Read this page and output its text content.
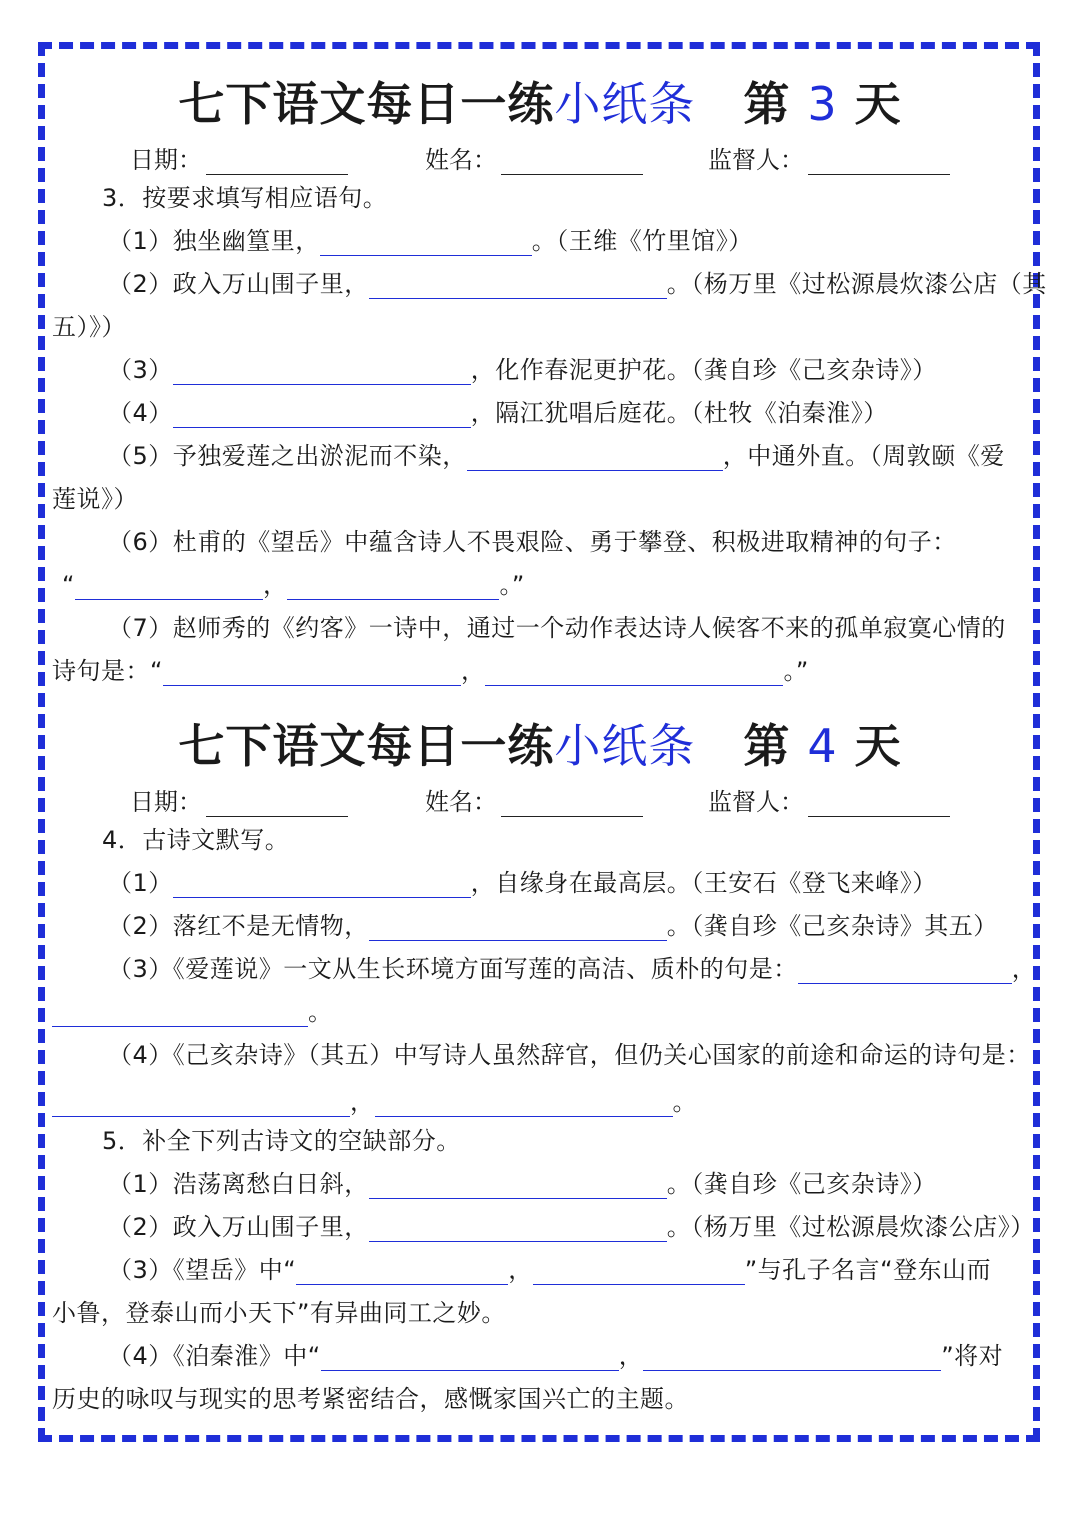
七下语文每日一练小纸条 第 3 天
日期：	姓名：	监督人：
3．按要求填写相应语句。
（1）独坐幽篁里，	。（王维《竹里馆》）
（2）政入万山围子里，	。（杨万里《过松源晨炊漆公店（其
五）》）
（3）	，化作春泥更护花。（龚自珍《己亥杂诗》）
（4）	，隔江犹唱后庭花。（杜牧《泊秦淮》）
（5）予独爱莲之出淤泥而不染，	，中通外直。（周敦颐《爱
莲说》）
（6）杜甫的《望岳》中蕴含诗人不畏艰险、勇于攀登、积极进取精神的句子：
“	，	。”
（7）赵师秀的《约客》一诗中，通过一个动作表达诗人候客不来的孤单寂寞心情的
诗句是：“	，	。”
七下语文每日一练小纸条 第 4 天
日期：	姓名：	监督人：
4．古诗文默写。
（1）	，自缘身在最高层。（王安石《登飞来峰》）
（2）落红不是无情物，	。（龚自珍《己亥杂诗》其五）
（3）《爱莲说》一文从生长环境方面写莲的高洁、质朴的句是：	，
。
（4）《己亥杂诗》（其五）中写诗人虽然辞官，但仍关心国家的前途和命运的诗句是：
，	。
5．补全下列古诗文的空缺部分。
（1）浩荡离愁白日斜，	。（龚自珍《己亥杂诗》）
（2）政入万山围子里，	。（杨万里《过松源晨炊漆公店》）
（3）《望岳》中“	，	”与孔子名言“登东山而
小鲁，登泰山而小天下”有异曲同工之妙。
（4）《泊秦淮》中“	，	”将对
历史的咏叹与现实的思考紧密结合，感慨家国兴亡的主题。
